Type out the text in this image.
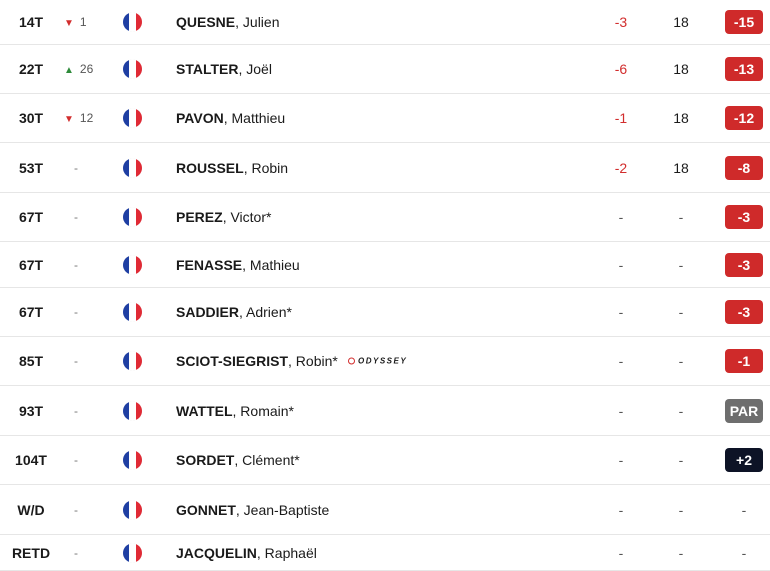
14T	▼ 1	QUESNE, Julien	-3	18	-15
22T	▲ 26	STALTER, Joël	-6	18	-13
30T	▼ 12	PAVON, Matthieu	-1	18	-12
53T	-	ROUSSEL, Robin	-2	18	-8
67T	-	PEREZ, Victor*	-	-	-3
67T	-	FENASSE, Mathieu	-	-	-3
67T	-	SADDIER, Adrien*	-	-	-3
85T	-	SCIOT-SIEGRIST, Robin*	ODYSSEY	-	-	-1
93T	-	WATTEL, Romain*	-	-	PAR
104T	-	SORDET, Clément*	-	-	+2
W/D	-	GONNET, Jean-Baptiste	-	-	-
RETD	-	JACQUELIN, Raphaël	-	-	-
